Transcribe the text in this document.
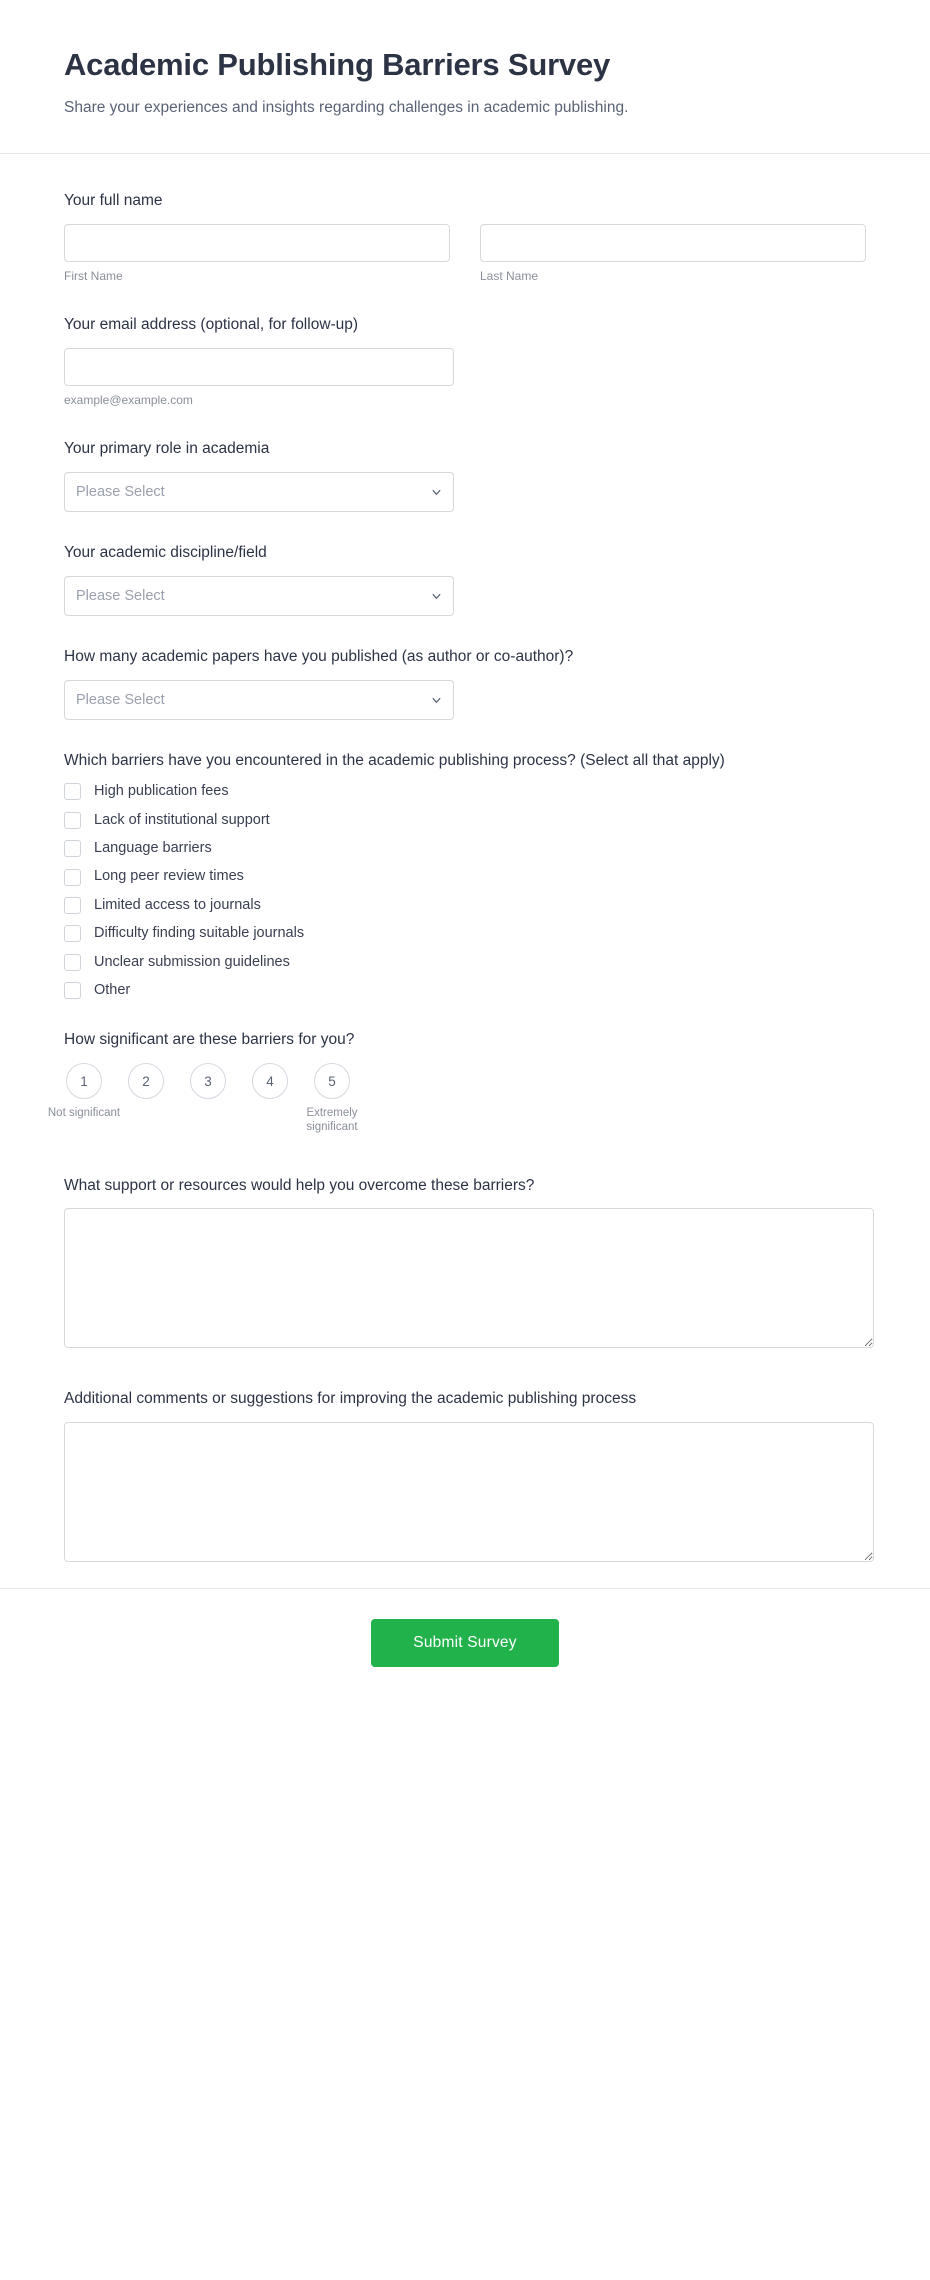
Academic Publishing Barriers Survey

Share your experiences and insights regarding challenges in academic publishing.

Your full name
First Name	Last Name
Your email address (optional, for follow-up)
example@example.com
Your primary role in academia
Please Select
Your academic discipline/field
Please Select
How many academic papers have you published (as author or co-author)?
Please Select
Which barriers have you encountered in the academic publishing process? (Select all that apply)
High publication fees
Lack of institutional support
Language barriers
Long peer review times
Limited access to journals
Difficulty finding suitable journals
Unclear submission guidelines
Other
How significant are these barriers for you?
1
Not significant
2	3	4	5
Extremely significant
What support or resources would help you overcome these barriers?
Additional comments or suggestions for improving the academic publishing process
Submit Survey
